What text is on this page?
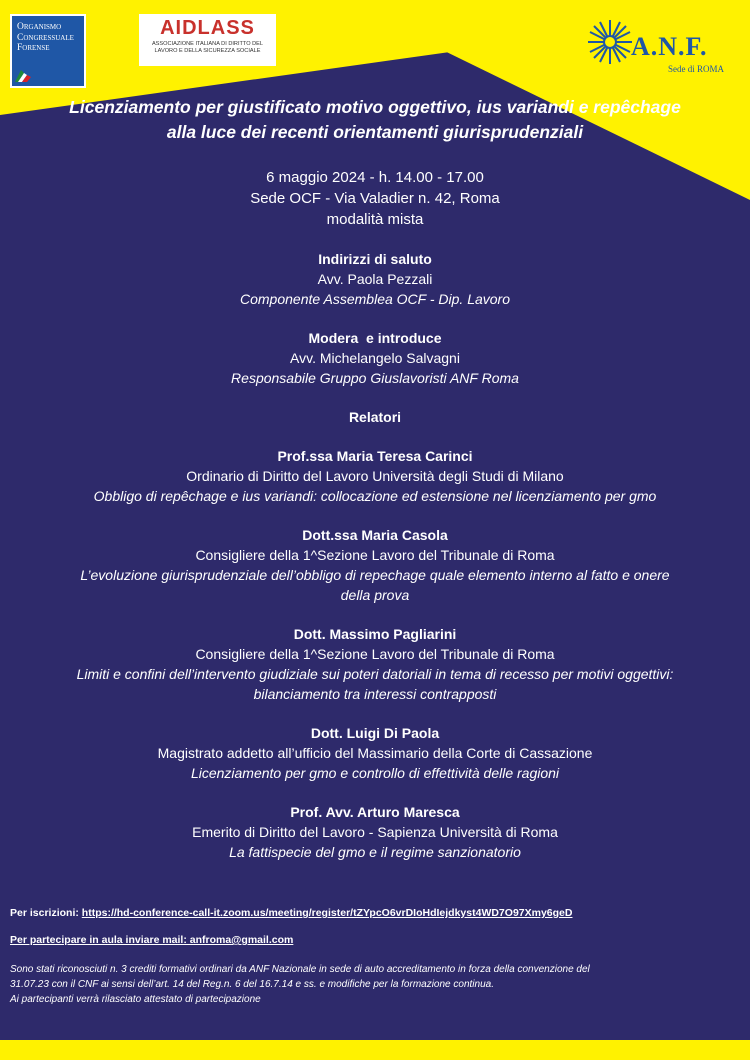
Organismo
Congressuale
Forense
AIDLASS
ASSOCIAZIONE ITALIANA DI DIRITTO DEL LAVORO E DELLA SICUREZZA SOCIALE	A.N.F.
Sede di ROMA
Licenziamento per giustificato motivo oggettivo, ius variandi e repêchage alla luce dei recenti orientamenti giurisprudenziali
6 maggio 2024 - h. 14.00 - 17.00
Sede OCF - Via Valadier n. 42, Roma
modalità mista
Indirizzi di saluto
Avv. Paola Pezzali
Componente Assemblea OCF - Dip. Lavoro
Modera  e introduce
Avv. Michelangelo Salvagni
Responsabile Gruppo Giuslavoristi ANF Roma
Relatori
Prof.ssa Maria Teresa Carinci
Ordinario di Diritto del Lavoro Università degli Studi di Milano
Obbligo di repêchage e ius variandi: collocazione ed estensione nel licenziamento per gmo
Dott.ssa Maria Casola
Consigliere della 1^Sezione Lavoro del Tribunale di Roma
L’evoluzione giurisprudenziale dell’obbligo di repechage quale elemento interno al fatto e onere della prova
Dott. Massimo Pagliarini
Consigliere della 1^Sezione Lavoro del Tribunale di Roma
Limiti e confini dell’intervento giudiziale sui poteri datoriali in tema di recesso per motivi oggettivi: bilanciamento tra interessi contrapposti
Dott. Luigi Di Paola
Magistrato addetto all’ufficio del Massimario della Corte di Cassazione
Licenziamento per gmo e controllo di effettività delle ragioni
Prof. Avv. Arturo Maresca
Emerito di Diritto del Lavoro - Sapienza Università di Roma
La fattispecie del gmo e il regime sanzionatorio
Per iscrizioni: https://hd-conference-call-it.zoom.us/meeting/register/tZYpcO6vrDIoHdIejdkyst4WD7O97Xmy6geD
Per partecipare in aula inviare mail: anfroma@gmail.com
Sono stati riconosciuti n. 3 crediti formativi ordinari da ANF Nazionale in sede di auto accreditamento in forza della convenzione del 31.07.23 con il CNF ai sensi dell’art. 14 del Reg.n. 6 del 16.7.14 e ss. e modifiche per la formazione continua.
Ai partecipanti verrà rilasciato attestato di partecipazione
